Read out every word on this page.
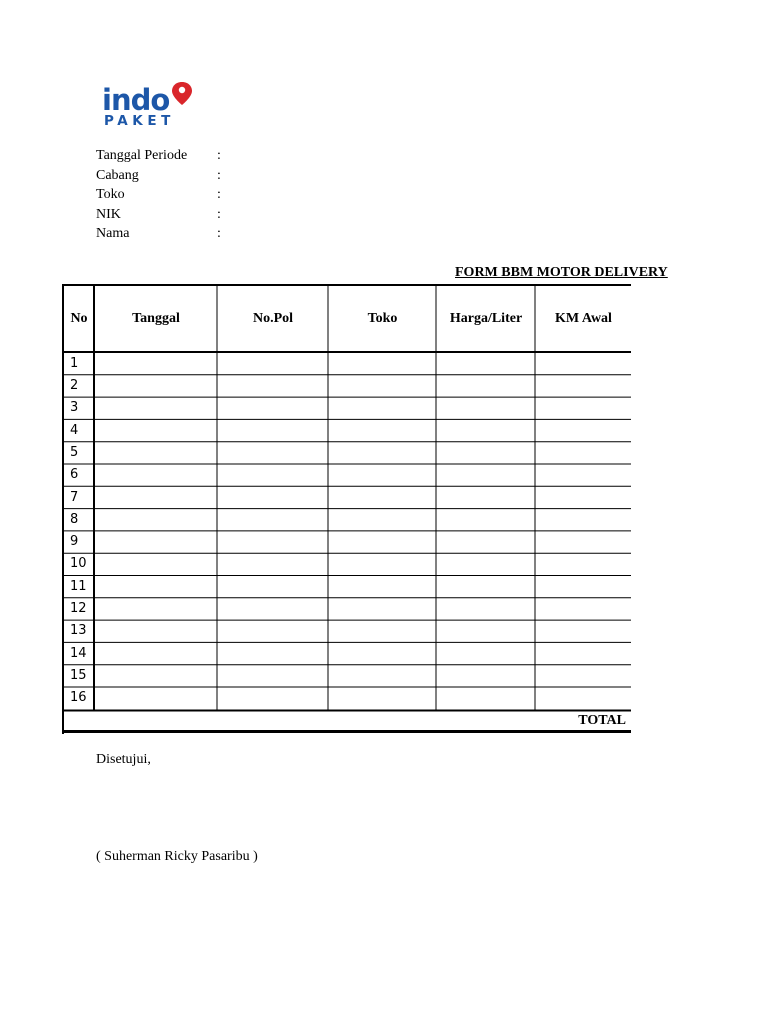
indo
PAKET
Tanggal Periode :
Cabang	:
Toko	:
NIK	:
Nama	:
FORM BBM MOTOR DELIVERY
No	Tanggal	No.Pol	Toko	Harga/Liter	KM Awal
1
2
3
4
5
6
7
8
9
10
11
12
13
14
15
16
TOTAL
Disetujui,
( Suherman Ricky Pasaribu )
